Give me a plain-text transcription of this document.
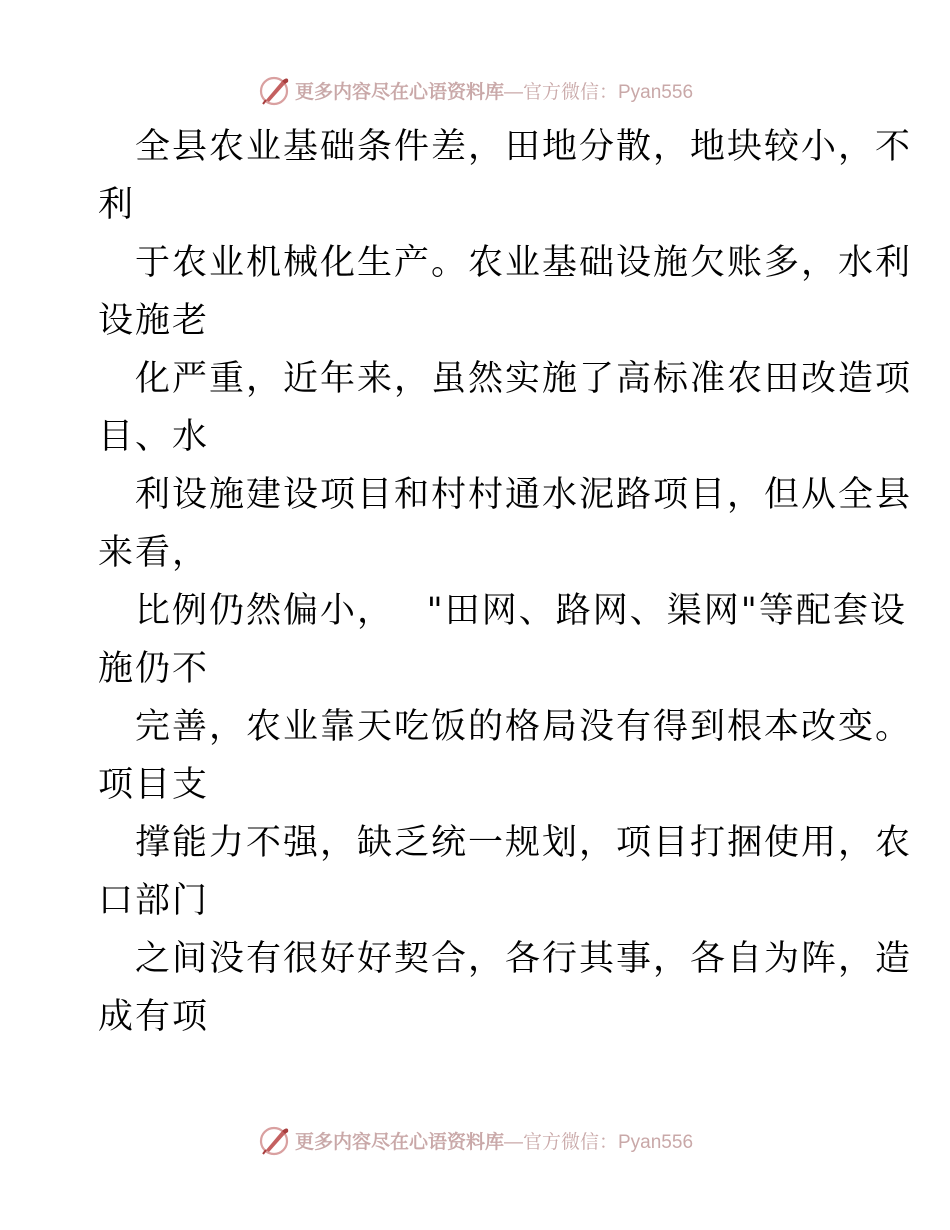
更多内容尽在心语资料库 —官方微信：Pyan556
全县农业基础条件差，田地分散，地块较小，不
利
于农业机械化生产。农业基础设施欠账多，水利
设施老
化严重，近年来，虽然实施了高标准农田改造项
目、水
利设施建设项目和村村通水泥路项目，但从全县
来看，
比例仍然偏小，　 "田网、路网、渠网"等配套设
施仍不
完善，农业靠天吃饭的格局没有得到根本改变。
项目支
撑能力不强，缺乏统一规划，项目打捆使用，农
口部门
之间没有很好好契合，各行其事，各自为阵，造
成有项
更多内容尽在心语资料库 —官方微信：Pyan556
